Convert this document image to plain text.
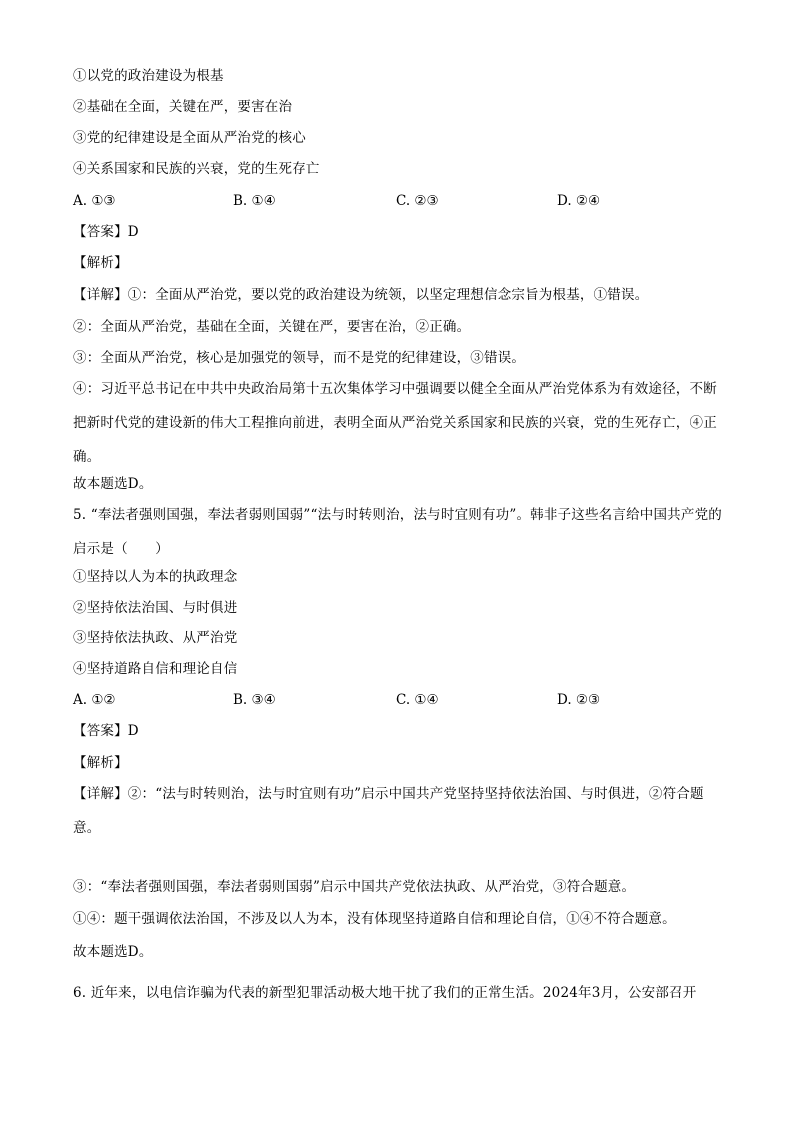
①以党的政治建设为根基
②基础在全面，关键在严，要害在治
③党的纪律建设是全面从严治党的核心
④关系国家和民族的兴衰，党的生死存亡
A. ①③	B. ①④	C. ②③	D. ②④
【答案】D
【解析】
【详解】①：全面从严治党，要以党的政治建设为统领，以坚定理想信念宗旨为根基，①错误。
②：全面从严治党，基础在全面，关键在严，要害在治，②正确。
③：全面从严治党，核心是加强党的领导，而不是党的纪律建设，③错误。
④：习近平总书记在中共中央政治局第十五次集体学习中强调要以健全全面从严治党体系为有效途径，不断把新时代党的建设新的伟大工程推向前进，表明全面从严治党关系国家和民族的兴衰，党的生死存亡，④正确。
故本题选D。
5. “奉法者强则国强，奉法者弱则国弱”“法与时转则治，法与时宜则有功”。韩非子这些名言给中国共产党的启示是（　　）
①坚持以人为本的执政理念
②坚持依法治国、与时俱进
③坚持依法执政、从严治党
④坚持道路自信和理论自信
A. ①②	B. ③④	C. ①④	D. ②③
【答案】D
【解析】
【详解】②：“法与时转则治，法与时宜则有功”启示中国共产党坚持坚持依法治国、与时俱进，②符合题意。
③：“奉法者强则国强，奉法者弱则国弱”启示中国共产党依法执政、从严治党，③符合题意。
①④：题干强调依法治国，不涉及以人为本，没有体现坚持道路自信和理论自信，①④不符合题意。
故本题选D。
6. 近年来，以电信诈骗为代表的新型犯罪活动极大地干扰了我们的正常生活。2024年3月，公安部召开
